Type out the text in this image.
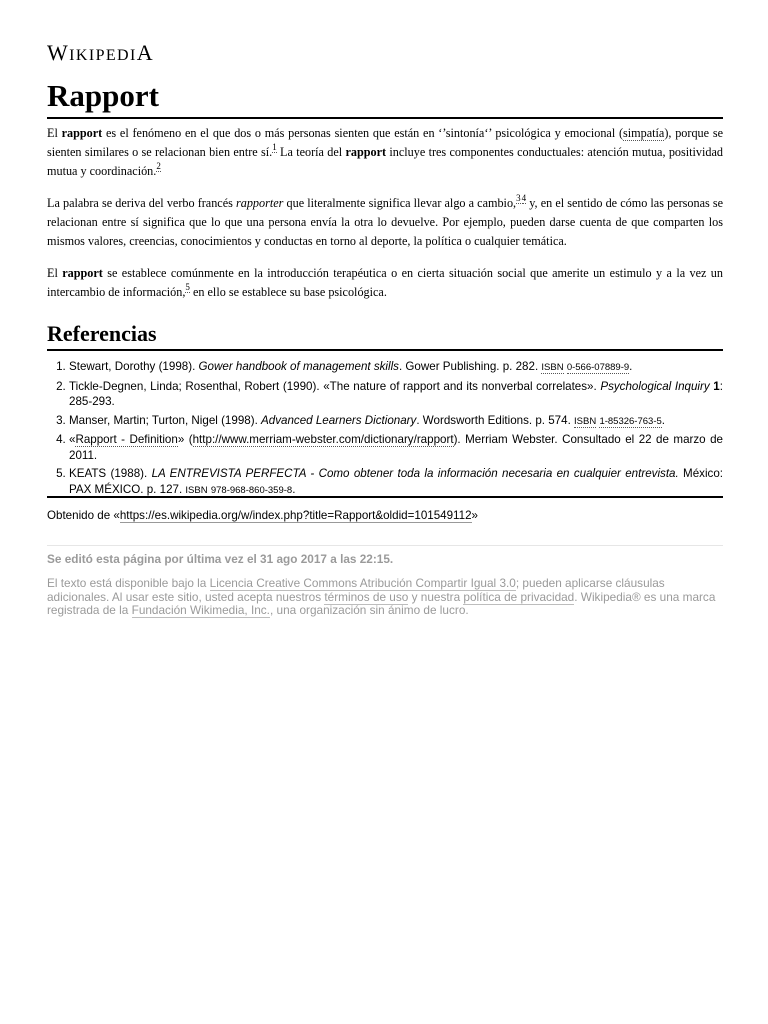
WIKIPEDIA
Rapport

El rapport es el fenómeno en el que dos o más personas sienten que están en ‘’sintonía‘’ psicológica y emocional (simpatía), porque se sienten similares o se relacionan bien entre sí.$^1$ La teoría del rapport incluye tres componentes conductuales: atención mutua, positividad mutua y coordinación.$^2$

La palabra se deriva del verbo francés rapporter que literalmente significa llevar algo a cambio,$^3$ $^4$ y, en el sentido de cómo las personas se relacionan entre sí significa que lo que una persona envía la otra lo devuelve. Por ejemplo, pueden darse cuenta de que comparten los mismos valores, creencias, conocimientos y conductas en torno al deporte, la política o cualquier temática.

El rapport se establece comúnmente en la introducción terapéutica o en cierta situación social que amerite un estimulo y a la vez un intercambio de información,$^5$ en ello se establece su base psicológica.

Referencias
1. Stewart, Dorothy (1998). Gower handbook of management skills. Gower Publishing. p. 282. ISBN 0-566-07889-9.
2. Tickle-Degnen, Linda; Rosenthal, Robert (1990). «The nature of rapport and its nonverbal correlates». Psychological Inquiry 1: 285-293.
3. Manser, Martin; Turton, Nigel (1998). Advanced Learners Dictionary. Wordsworth Editions. p. 574. ISBN 1-85326-763-5.
4. «Rapport - Definition» (http://www.merriam-webster.com/dictionary/rapport). Merriam Webster. Consultado el 22 de marzo de 2011.
5. KEATS (1988). LA ENTREVISTA PERFECTA - Como obtener toda la información necesaria en cualquier entrevista. México: PAX MÉXICO. p. 127. ISBN 978-968-860-359-8.
Obtenido de «https://es.wikipedia.org/w/index.php?title=Rapport&oldid=101549112»
Se editó esta página por última vez el 31 ago 2017 a las 22:15.

El texto está disponible bajo la Licencia Creative Commons Atribución Compartir Igual 3.0; pueden aplicarse cláusulas adicionales. Al usar este sitio, usted acepta nuestros términos de uso y nuestra política de privacidad. Wikipedia® es una marca registrada de la Fundación Wikimedia, Inc., una organización sin ánimo de lucro.
